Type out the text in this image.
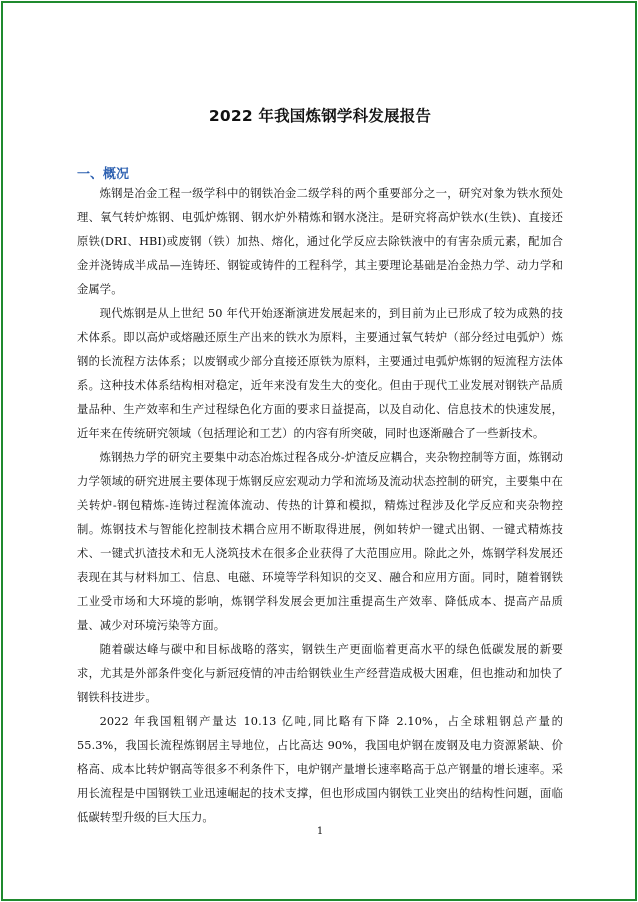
2022 年我国炼钢学科发展报告
一、概况

炼钢是冶金工程一级学科中的钢铁冶金二级学科的两个重要部分之一，研究对象为铁水预处理、氧气转炉炼钢、电弧炉炼钢、钢水炉外精炼和钢水浇注。是研究将高炉铁水(生铁)、直接还原铁(DRI、HBI)或废钢（铁）加热、熔化，通过化学反应去除铁液中的有害杂质元素，配加合金并浇铸成半成品—连铸坯、钢锭或铸件的工程科学，其主要理论基础是冶金热力学、动力学和金属学。

现代炼钢是从上世纪 50 年代开始逐渐演进发展起来的，到目前为止已形成了较为成熟的技术体系。即以高炉或熔融还原生产出来的铁水为原料，主要通过氧气转炉（部分经过电弧炉）炼钢的长流程方法体系；以废钢或少部分直接还原铁为原料，主要通过电弧炉炼钢的短流程方法体系。这种技术体系结构相对稳定，近年来没有发生大的变化。但由于现代工业发展对钢铁产品质量品种、生产效率和生产过程绿色化方面的要求日益提高，以及自动化、信息技术的快速发展，近年来在传统研究领域（包括理论和工艺）的内容有所突破，同时也逐渐融合了一些新技术。

炼钢热力学的研究主要集中动态冶炼过程各成分-炉渣反应耦合，夹杂物控制等方面，炼钢动力学领域的研究进展主要体现于炼钢反应宏观动力学和流场及流动状态控制的研究，主要集中在关转炉-钢包精炼-连铸过程流体流动、传热的计算和模拟，精炼过程涉及化学反应和夹杂物控制。炼钢技术与智能化控制技术耦合应用不断取得进展，例如转炉一键式出钢、一键式精炼技术、一键式扒渣技术和无人浇筑技术在很多企业获得了大范围应用。除此之外，炼钢学科发展还表现在其与材料加工、信息、电磁、环境等学科知识的交叉、融合和应用方面。同时，随着钢铁工业受市场和大环境的影响，炼钢学科发展会更加注重提高生产效率、降低成本、提高产品质量、减少对环境污染等方面。

随着碳达峰与碳中和目标战略的落实，钢铁生产更面临着更高水平的绿色低碳发展的新要求，尤其是外部条件变化与新冠疫情的冲击给钢铁业生产经营造成极大困难，但也推动和加快了钢铁科技进步。

2022 年我国粗钢产量达 10.13 亿吨,同比略有下降 2.10%，占全球粗钢总产量的 55.3%，我国长流程炼钢居主导地位，占比高达 90%，我国电炉钢在废钢及电力资源紧缺、价格高、成本比转炉钢高等很多不利条件下，电炉钢产量增长速率略高于总产钢量的增长速率。采用长流程是中国钢铁工业迅速崛起的技术支撑，但也形成国内钢铁工业突出的结构性问题，面临低碳转型升级的巨大压力。

1
